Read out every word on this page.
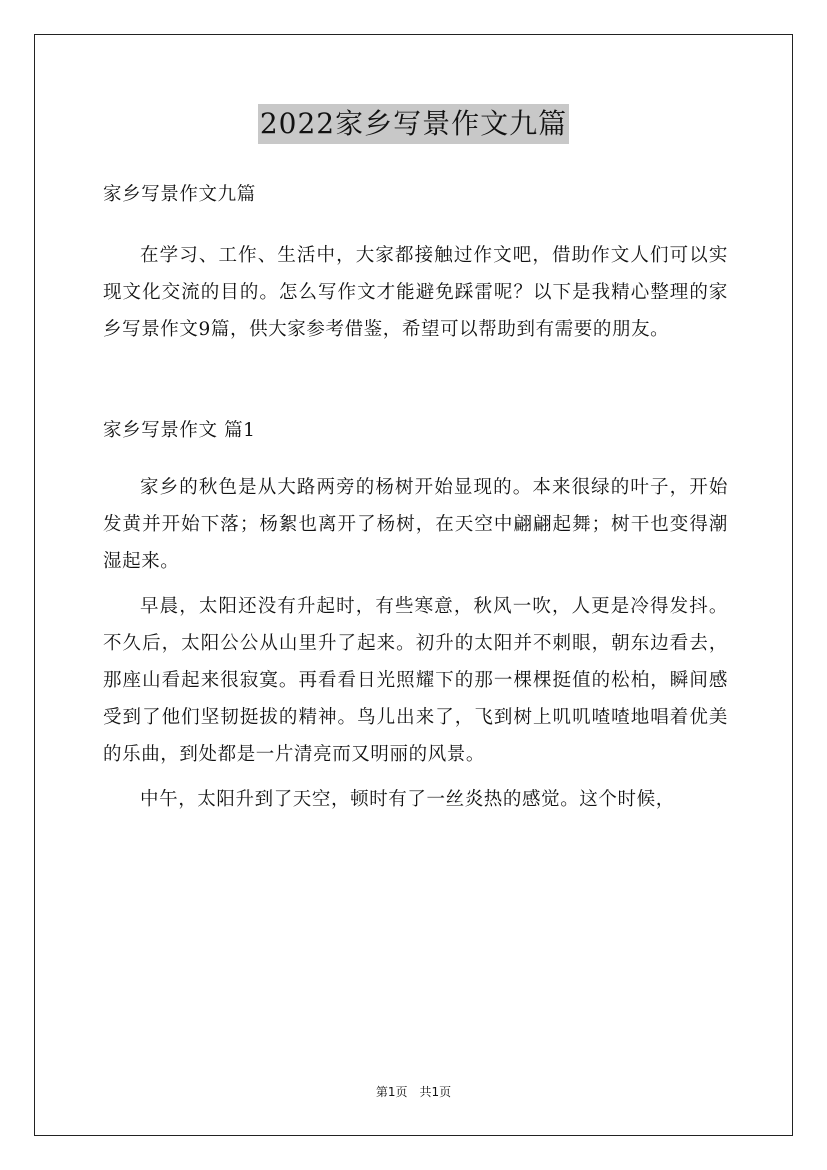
2022家乡写景作文九篇

家乡写景作文九篇

在学习、工作、生活中，大家都接触过作文吧，借助作文人们可以实现文化交流的目的。怎么写作文才能避免踩雷呢？以下是我精心整理的家乡写景作文9篇，供大家参考借鉴，希望可以帮助到有需要的朋友。

家乡写景作文 篇1

家乡的秋色是从大路两旁的杨树开始显现的。本来很绿的叶子，开始发黄并开始下落；杨絮也离开了杨树，在天空中翩翩起舞；树干也变得潮湿起来。

早晨，太阳还没有升起时，有些寒意，秋风一吹，人更是冷得发抖。不久后，太阳公公从山里升了起来。初升的太阳并不刺眼，朝东边看去，那座山看起来很寂寞。再看看日光照耀下的那一棵棵挺值的松柏，瞬间感受到了他们坚韧挺拔的精神。鸟儿出来了，飞到树上叽叽喳喳地唱着优美的乐曲，到处都是一片清亮而又明丽的风景。

中午，太阳升到了天空，顿时有了一丝炎热的感觉。这个时候，

第1页 共1页
